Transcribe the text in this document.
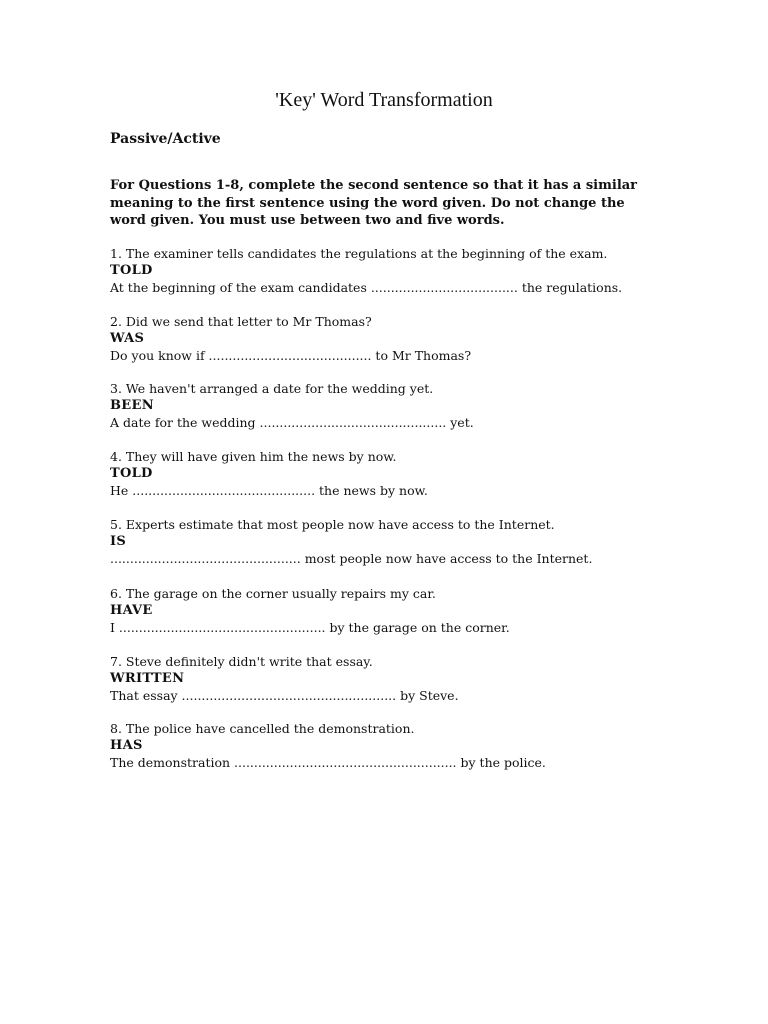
'Key' Word Transformation
Passive/Active
For Questions 1-8, complete the second sentence so that it has a similar meaning to the first sentence using the word given. Do not change the word given. You must use between two and five words.
1. The examiner tells candidates the regulations at the beginning of the exam.
TOLD
At the beginning of the exam candidates ..................................... the regulations.
2. Did we send that letter to Mr Thomas?
WAS
Do you know if ......................................... to Mr Thomas?
3. We haven't arranged a date for the wedding yet.
BEEN
A date for the wedding ............................................... yet.
4. They will have given him the news by now.
TOLD
He .............................................. the news by now.
5. Experts estimate that most people now have access to the Internet.
IS
................................................ most people now have access to the Internet.
6. The garage on the corner usually repairs my car.
HAVE
I .................................................... by the garage on the corner.
7. Steve definitely didn't write that essay.
WRITTEN
That essay ...................................................... by Steve.
8. The police have cancelled the demonstration.
HAS
The demonstration ........................................................ by the police.
